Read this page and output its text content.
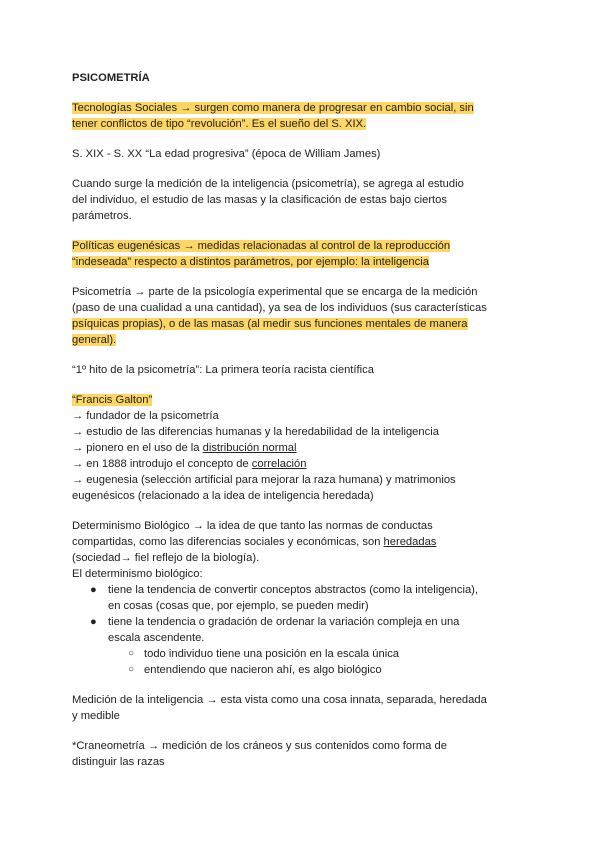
PSICOMETRÍA

Tecnologías Sociales → surgen como manera de progresar en cambio social, sin
tener conflictos de tipo “revolución”. Es el sueño del S. XIX.

S. XIX - S. XX “La edad progresiva” (época de William James)

Cuando surge la medición de la inteligencia (psicometría), se agrega al estudio
del individuo, el estudio de las masas y la clasificación de estas bajo ciertos
parámetros.

Políticas eugenésicas → medidas relacionadas al control de la reproducción
“indeseada” respecto a distintos parámetros, por ejemplo: la inteligencia

Psicometría → parte de la psicología experimental que se encarga de la medición
(paso de una cualidad a una cantidad), ya sea de los individuos (sus características
psíquicas propias), o de las masas (al medir sus funciones mentales de manera
general).

“1º hito de la psicometría”: La primera teoría racista científica

“Francis Galton”
→ fundador de la psicometría
→ estudio de las diferencias humanas y la heredabilidad de la inteligencia
→ pionero en el uso de la distribución normal
→ en 1888 introdujo el concepto de correlación
→ eugenesia (selección artificial para mejorar la raza humana) y matrimonios
eugenésicos (relacionado a la idea de inteligencia heredada)

Determinismo Biológico → la idea de que tanto las normas de conductas
compartidas, como las diferencias sociales y económicas, son heredadas
(sociedad→ fiel reflejo de la biología).
El determinismo biológico:

● tiene la tendencia de convertir conceptos abstractos (como la inteligencia),
en cosas (cosas que, por ejemplo, se pueden medir)
● tiene la tendencia o gradación de ordenar la variación compleja en una
escala ascendente.
○ todo individuo tiene una posición en la escala única
○ entendiendo que nacieron ahí, es algo biológico

Medición de la inteligencia → esta vista como una cosa innata, separada, heredada
y medible

*Craneometría → medición de los cráneos y sus contenidos como forma de
distinguir las razas
